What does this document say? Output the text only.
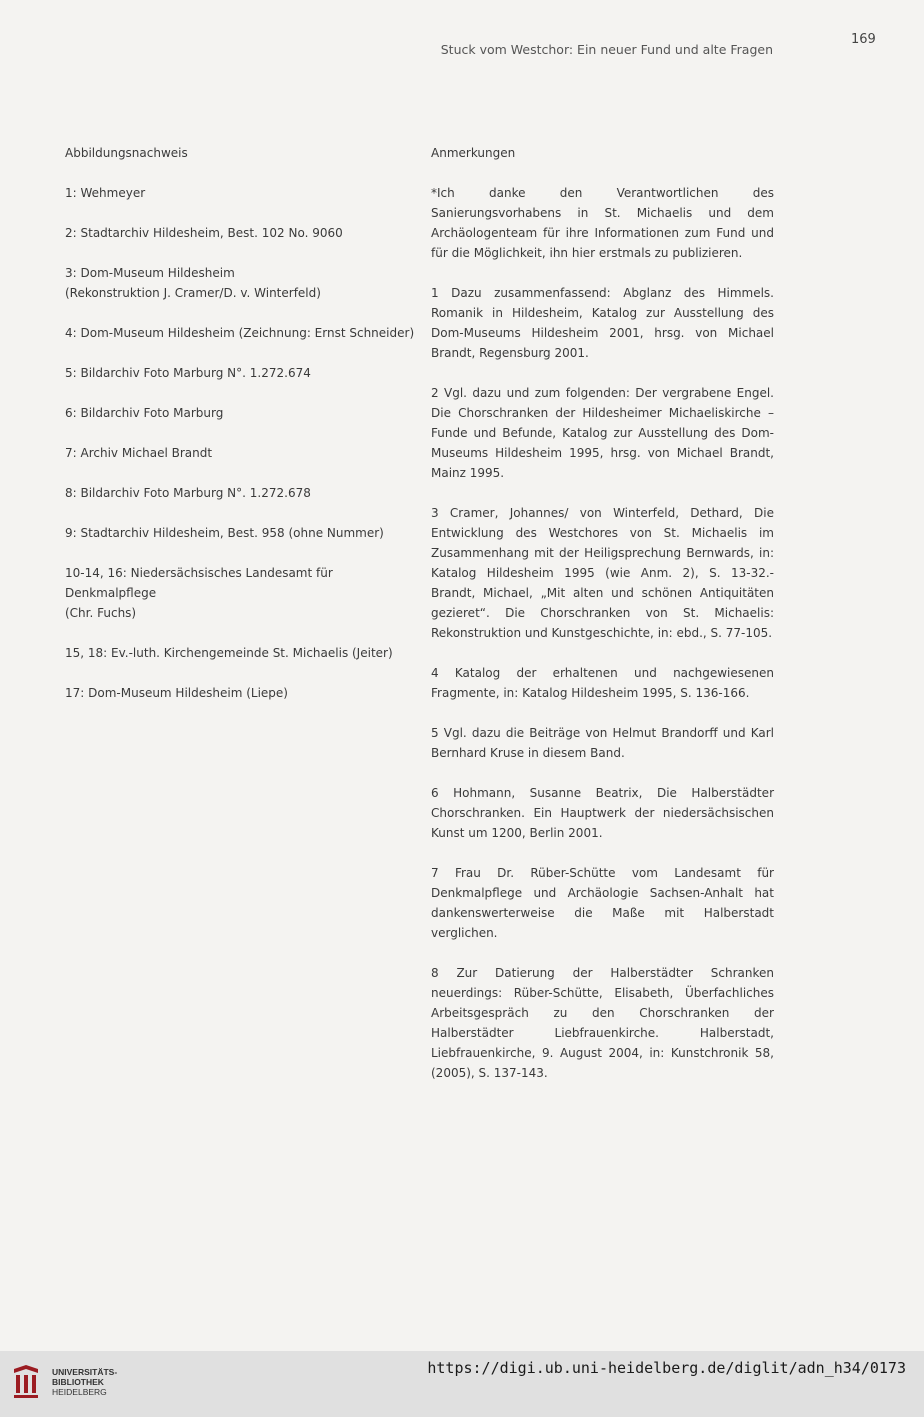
169
Stuck vom Westchor: Ein neuer Fund und alte Fragen
Abbildungsnachweis
1: Wehmeyer
2: Stadtarchiv Hildesheim, Best. 102 No. 9060
3: Dom-Museum Hildesheim
(Rekonstruktion J. Cramer/D. v. Winterfeld)
4: Dom-Museum Hildesheim (Zeichnung: Ernst Schneider)
5: Bildarchiv Foto Marburg N°. 1.272.674
6: Bildarchiv Foto Marburg
7: Archiv Michael Brandt
8: Bildarchiv Foto Marburg N°. 1.272.678
9: Stadtarchiv Hildesheim, Best. 958 (ohne Nummer)
10-14, 16: Niedersächsisches Landesamt für Denkmalpflege
(Chr. Fuchs)
15, 18: Ev.-luth. Kirchengemeinde St. Michaelis (Jeiter)
17: Dom-Museum Hildesheim (Liepe)
Anmerkungen

*Ich danke den Verantwortlichen des Sanierungsvorhabens in St. Michaelis und dem Archäologenteam für ihre Informationen zum Fund und für die Möglichkeit, ihn hier erstmals zu publizieren.

1 Dazu zusammenfassend: Abglanz des Himmels. Romanik in Hildesheim, Katalog zur Ausstellung des Dom-Museums Hildesheim 2001, hrsg. von Michael Brandt, Regensburg 2001.

2 Vgl. dazu und zum folgenden: Der vergrabene Engel. Die Chorschranken der Hildesheimer Michaeliskirche – Funde und Befunde, Katalog zur Ausstellung des Dom-Museums Hildesheim 1995, hrsg. von Michael Brandt, Mainz 1995.

3 Cramer, Johannes/ von Winterfeld, Dethard, Die Entwicklung des Westchores von St. Michaelis im Zusammenhang mit der Heiligsprechung Bernwards, in: Katalog Hildesheim 1995 (wie Anm. 2), S. 13-32.- Brandt, Michael, „Mit alten und schönen Antiquitäten gezieret“. Die Chorschranken von St. Michaelis: Rekonstruktion und Kunstgeschichte, in: ebd., S. 77-105.

4 Katalog der erhaltenen und nachgewiesenen Fragmente, in: Katalog Hildesheim 1995, S. 136-166.

5 Vgl. dazu die Beiträge von Helmut Brandorff und Karl Bernhard Kruse in diesem Band.

6 Hohmann, Susanne Beatrix, Die Halberstädter Chorschranken. Ein Hauptwerk der niedersächsischen Kunst um 1200, Berlin 2001.

7 Frau Dr. Rüber-Schütte vom Landesamt für Denkmalpflege und Archäologie Sachsen-Anhalt hat dankenswerterweise die Maße mit Halberstadt verglichen.

8 Zur Datierung der Halberstädter Schranken neuerdings: Rüber-Schütte, Elisabeth, Überfachliches Arbeitsgespräch zu den Chorschranken der Halberstädter Liebfrauenkirche. Halberstadt, Liebfrauenkirche, 9. August 2004, in: Kunstchronik 58, (2005), S. 137-143.

UNIVERSITÄTS-
BIBLIOTHEK
HEIDELBERG
https://digi.ub.uni-heidelberg.de/diglit/adn_h34/0173
